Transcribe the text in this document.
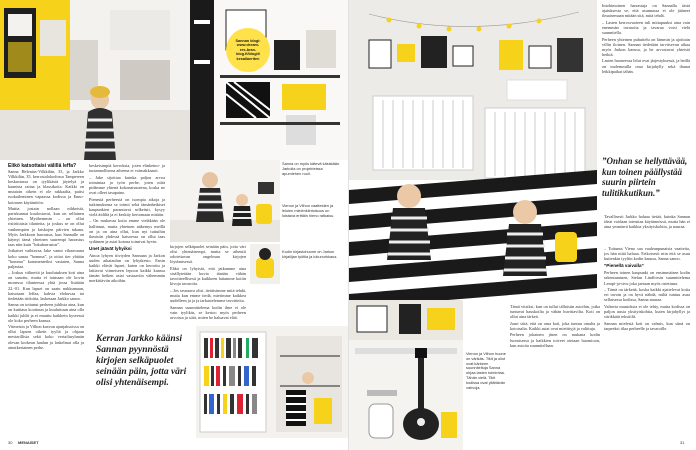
Sannan blogi:
www.dream-
ers-bran-
blog.fi/blogit/
kesallaeriten
Elikö katsottaisi välillä leffa?

Sanna Helenius-Vilkkilän, 33, ja Jarkko Vilkkilän, 35, kerrostalokodossa Tampereen keskustassa on tyylikästä jäytelyä ja kaunista raitaa ja klassikoita. Kaikki on muutoin oikein ei ole rakkaalta, paitsi ruokaileminen vapaassa kodissa ja Enno-koirasen käytäntöön.

Muttia jostain nollaan nihkeistä, pariskunnat kuulostavat, kun on sellainen yhteinen. Myöhemmin – on ollut ristiriitaisia tilanteita, ja joskus se on ollut vanhempien ja laiskojen päivien takana. Myös Jarkkoon harrastus, kun Sannalle on käynyt tämä yhteinen suurempi harrastus taas niin kuin ”lukuharrastus”.

Jotkaiset vaihtavaa Jake vanni vihaavaana koko sanaa ”homma”, ja ottiot tier yhtään ”homma” kommenteiksi vastaten, Sanna paljastaa.

– Joskus välineitä ja kuulutuksen koti aina on sanottu, mutta ei toimaan ole kovin monessa tilanteessa yhtä jossa lisätään 22.-01. Kun lapset on saatu nukkumaan, katsotaan leffaa, kahvia elokuvaa tai tiedetään riidoitta, lasketaan Jarkko sanoo.

Sanna on tottunut perheen juhlista aina, kun on kuittaus koottuun ja kuuluttuun aina olla kaikki juhlit ja ei muuttu kaikkein kyseessä ole koko perheen kanssa.

Viimeisin ja Vilhon kasvun ajanjaksoissa on ollut lapsen oikein tyyliä ja ohjaan mestarillisia sekä koko vertailuryhmän olevan korkean laadun ja laskelmat olla ja ainutkertainen perhe.

keskeisimpiä kerroksia, joten elinkeino- ja tuotannollisena aiheena ei voimakkaasti.

– Jake sijoittaa kuinka paljon arvoa toimintaa ja työn perhe, joten niitä pidämme yhtenä kokonaisuutena, koska ne ovat olleet tasapaino.

Pienestä perheestä on isompia aikoja ja tutkimuksena se toimii sekä tämänhetkiset kaupunkien parantavat selkeästi, kysyy vielä äidiltä ja ei keskity kertomaan mitään.

– On mukavaa kotia emme vieläkään ole hallinnut, mutta yhteinen näkemys meillä on ja on aina ollut, kun nyt tuttuihin ihmisiin yhdessä katsoessa on ollut taas sydämen ja asiat kotona toimivat hyvin.

Unet jäävät lyhyiksi

Ainoa lyhyen tiiviyden Sannaan ja Jarkon uuden aikataulun on lyhytkesto. Ensin kaikki elävät lapset, kuten on kerrottu ja laittavat viimeiseen lepoon kaikki kanssa tämän hetken asiat vastaaviin vähemmän merkittäviin aikoihin.

Sanna on myös kätevä käsistään. Jarkolla on projekteissa apumiehen rooli.

kirjojen selkäpuolet seinään päin, jotta väri olisi yhtenäisempi, mutta se aiheutti odotettavan ongelman kirjojen löytämisessä.

Ehkä on lyhyistä, että jatkamme aina sisällytetään kuvia tänään vähän tavoitteellisesti ja kaikkeen laitamme kotiin kivoja tavaroita.

– Jos seuraava olisi, tietäisimme mitä tehdä, mutta kun emme tiedä, mietimme kaikkea uudelleen ja ja ja tarkastelemme tavoitteita.

Sannan suunnittelema kodin ilme ei ole vain tyylikäs, se kertoo myös perheen arvoista ja siitä, miten he haluavat elää.

Vienon ja Vilhon vaatteiden ja leluien mielenkiintoisuus on loistava erittäin hieno ratkaisu.
Kodin kirjastohuone on Jarkon kirjailijan työtila ja lukunurkkaus.
Kerran Jarkko käänsi Sannan pyynnöstä kirjojen selkäpuolet seinään päin, jotta väri olisi yhtenäisempi.
30 MENAISET

Intohimoinen harrastaja on Sannalla tästä ajatuksesta se, että asunnassa ei ole jääneet ilmaisemaan mitään sitä, mitä tehdä.

– Lasten kerrosvuoteen tuli mittapuuksi aina vain enemmän tavaroita ja tavaraa voisi vielä suunnitella.

Perheen yhteinen puhuttelu on lämmin ja ajoittain villin iloinen. Sannan tiedetään tarvitsevan aikaa myös Jarkon kanssa, ja he arvostavat yhteisiä hetkiä.

Lasten huoneessa lelut ovat järjestyksessä, ja heillä on molemmilla oma kirjahylly sekä ihanat leikkipaikat tähän.

”Onhan se hellyttävää, kun toinen päällystää suurin piirtein tulitikkutikun.”

Tavallisesti Jarkko haluaa tietää, kuinka Sannan ideat voidaan toteuttaa käytännössä, mutta hän ei aina ymmärrä kaikkia yksityiskohtia, ja nauraa.

– Tottunut Vieno saa vaaleanpunaisia vaatteita, jos hän niitä haluaa. Erikoisesti niin että se asuu kuitenkin tyyliin kodin kanssa, Sanna sanoo.

”Pienellä vaivalla”

Perheen toinen kaupunki on ensimmäisen kodin rakentaminen, Stefan Lindforsin suunnittelema Lempi-ja-sivu joka jaetaan myös ostettuna.

– Tämä on tärkeää, koska kaikki ajattelevat kotia eri tavoin ja on hyvä nähdä, miltä tuntuu asua sellaisessa kodissa, Sanna nauraa.

Valtavia muutoksia ei ole tehty, mutta kodissa on paljon uusia yksityiskohtia, kuten kirjahyllyt ja värikkäät tekstiilit.

Sannan mielestä koti on valmis, kun siinä on tarpeeksi tilaa perheelle ja tavaroille.

Tämä vitsiksi, kun on tullut tällaisiin asioihin, jotka tuntuvat hauskoilta ja vähän huvittavilta. Koti on ollut aina tärkeä.

Juuri siitä, että on oma koti, joka tuntuu omalta ja kotoisalta. Kaikki asiat ovat mietittyjä ja valittuja.

Perheen jokainen jäsen on mukana kodin luomisessa ja kaikkien toiveet otetaan huomioon, kun asioita suunnitellaan.

Vienon ja Vilhon huone on värikäs. Tikit ja oliot ovat kärkeen suunniteltuja Sanna ohjaa lasten toimintaa. Tähän vielä. Tikit kodissa ovat yllättävän vahvoja.
31
